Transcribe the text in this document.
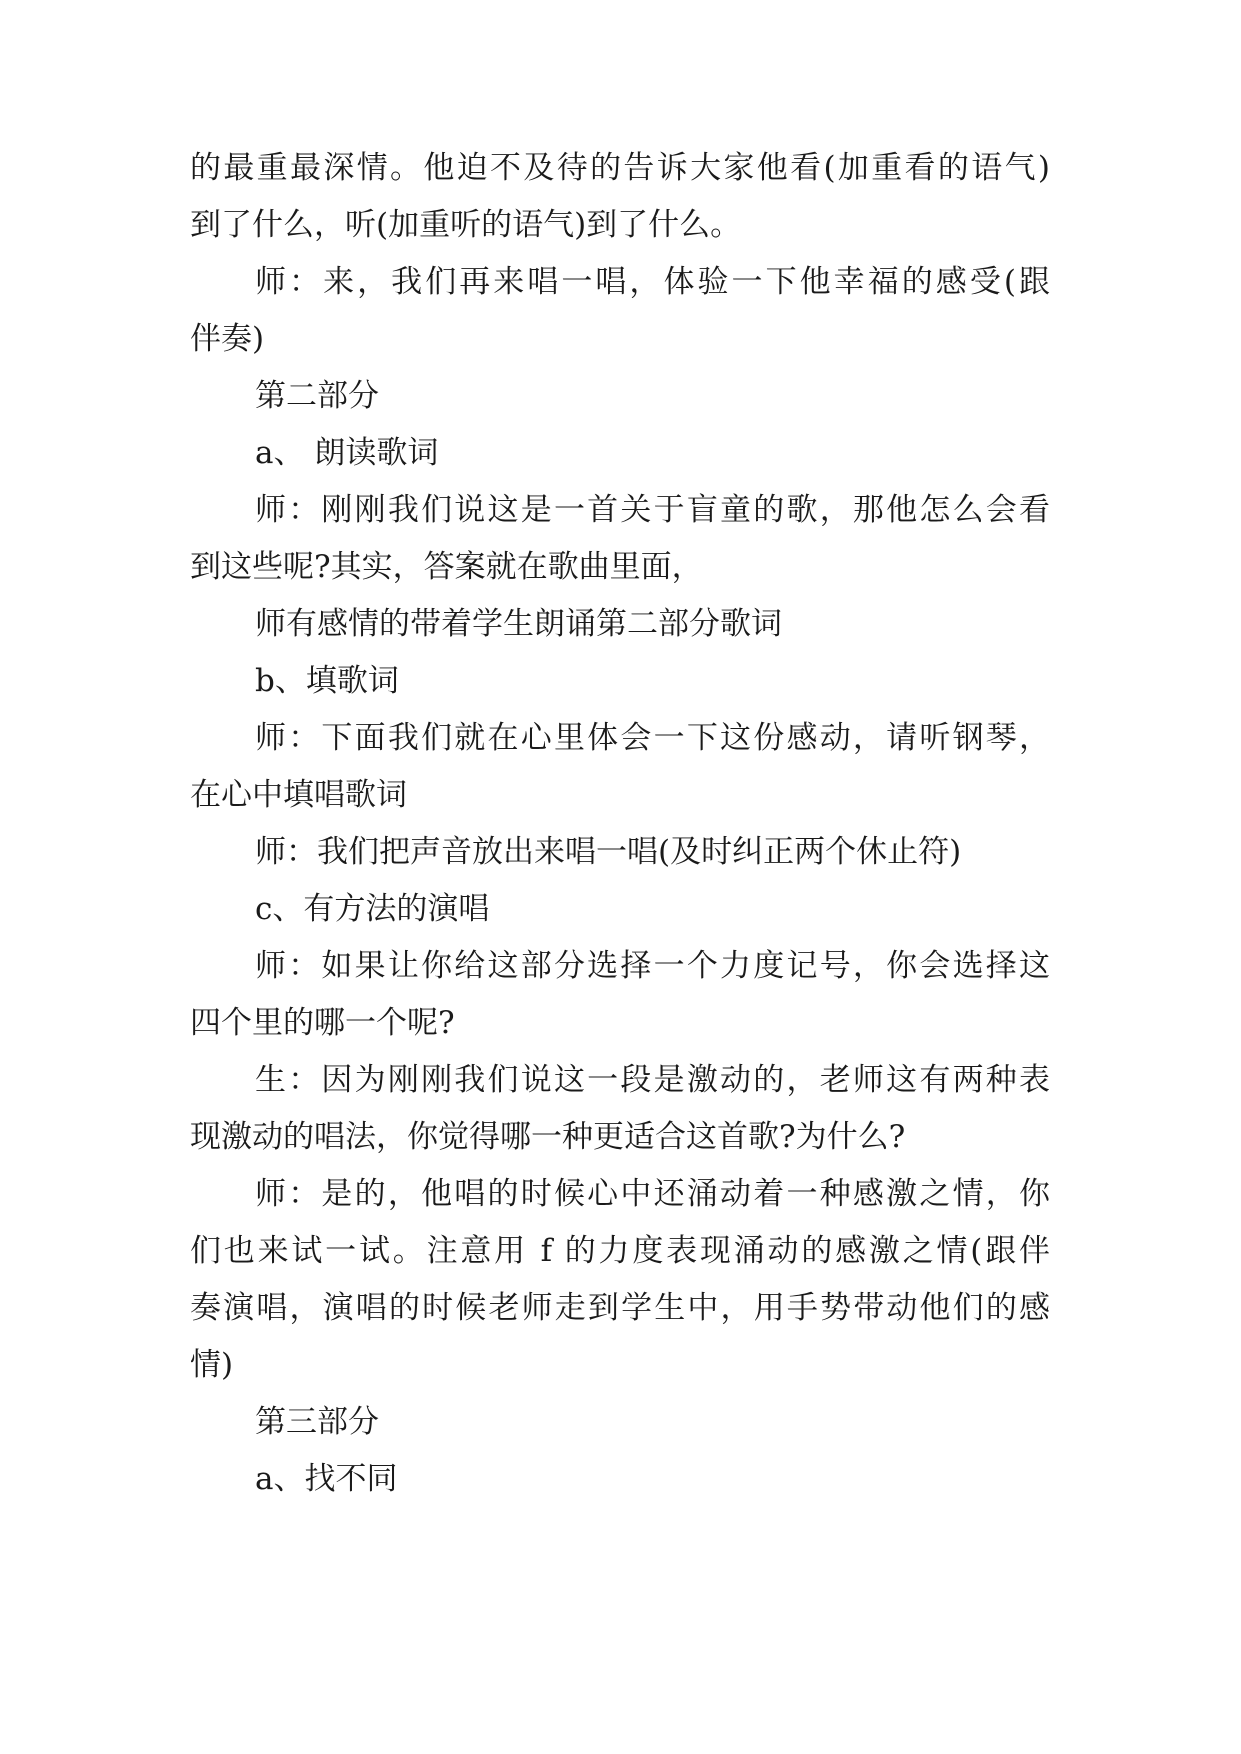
的最重最深情。他迫不及待的告诉大家他看(加重看的语气)
到了什么，听(加重听的语气)到了什么。
师：来，我们再来唱一唱，体验一下他幸福的感受(跟
伴奏)
第二部分
a、 朗读歌词
师：刚刚我们说这是一首关于盲童的歌，那他怎么会看
到这些呢?其实，答案就在歌曲里面，
师有感情的带着学生朗诵第二部分歌词
b、填歌词
师：下面我们就在心里体会一下这份感动，请听钢琴，
在心中填唱歌词
师：我们把声音放出来唱一唱(及时纠正两个休止符)
c、有方法的演唱
师：如果让你给这部分选择一个力度记号，你会选择这
四个里的哪一个呢?
生：因为刚刚我们说这一段是激动的，老师这有两种表
现激动的唱法，你觉得哪一种更适合这首歌?为什么?
师：是的，他唱的时候心中还涌动着一种感激之情，你
们也来试一试。注意用 f 的力度表现涌动的感激之情(跟伴
奏演唱，演唱的时候老师走到学生中，用手势带动他们的感
情)
第三部分
a、找不同
